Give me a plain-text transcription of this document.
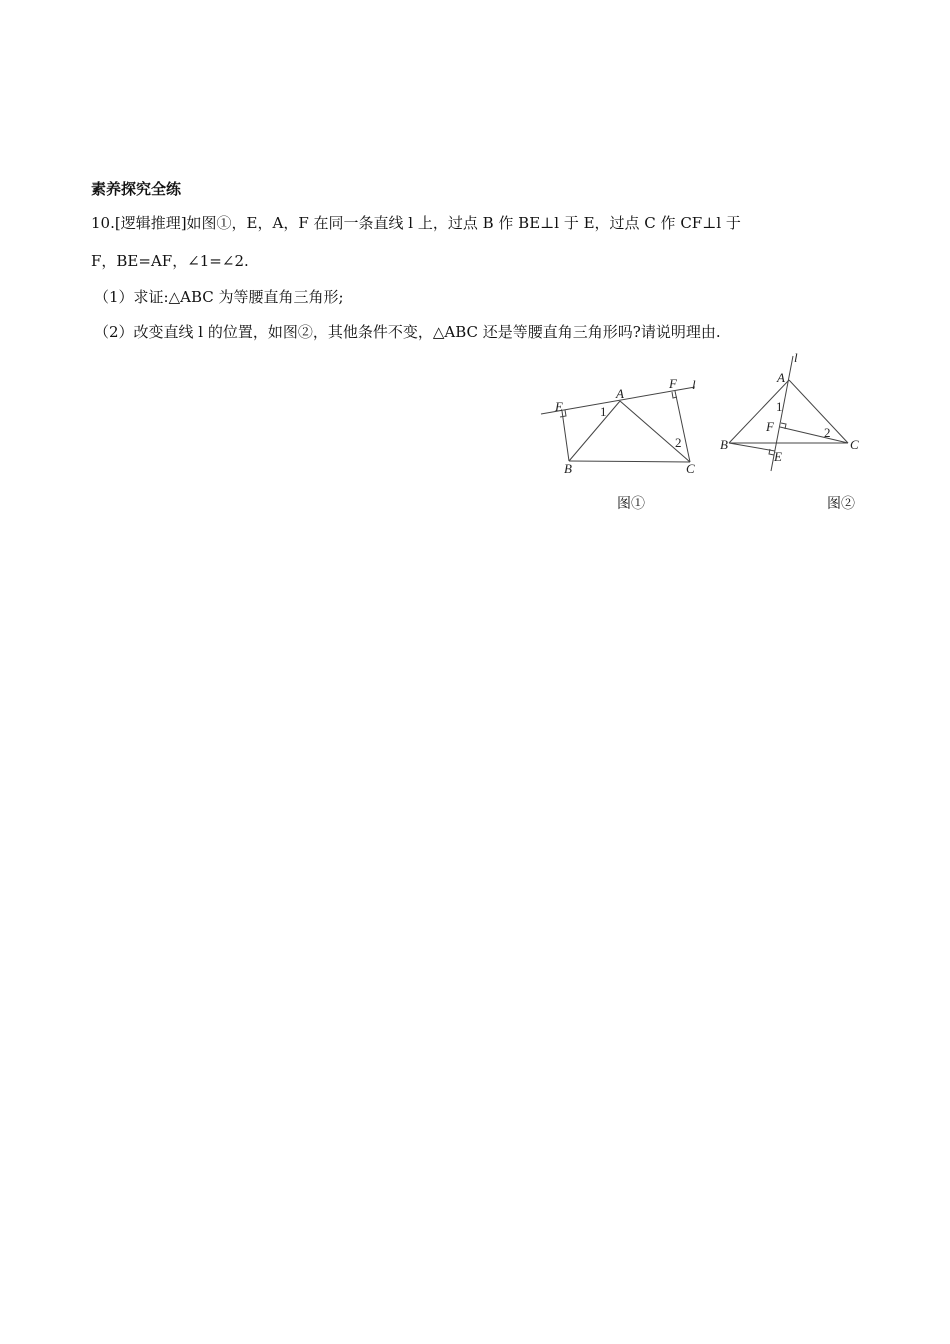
素养探究全练
10.[逻辑推理]如图①，E，A，F 在同一条直线 l 上，过点 B 作 BE⊥l 于 E，过点 C 作 CF⊥l 于
F，BE=AF，∠1=∠2.
（1）求证:△ABC 为等腰直角三角形;
（2）改变直线 l 的位置，如图②，其他条件不变，△ABC 还是等腰直角三角形吗?请说明理由.
E
A
F l
1
2
B	C
l
A
1
F	2
B	C
E
图①	图②
